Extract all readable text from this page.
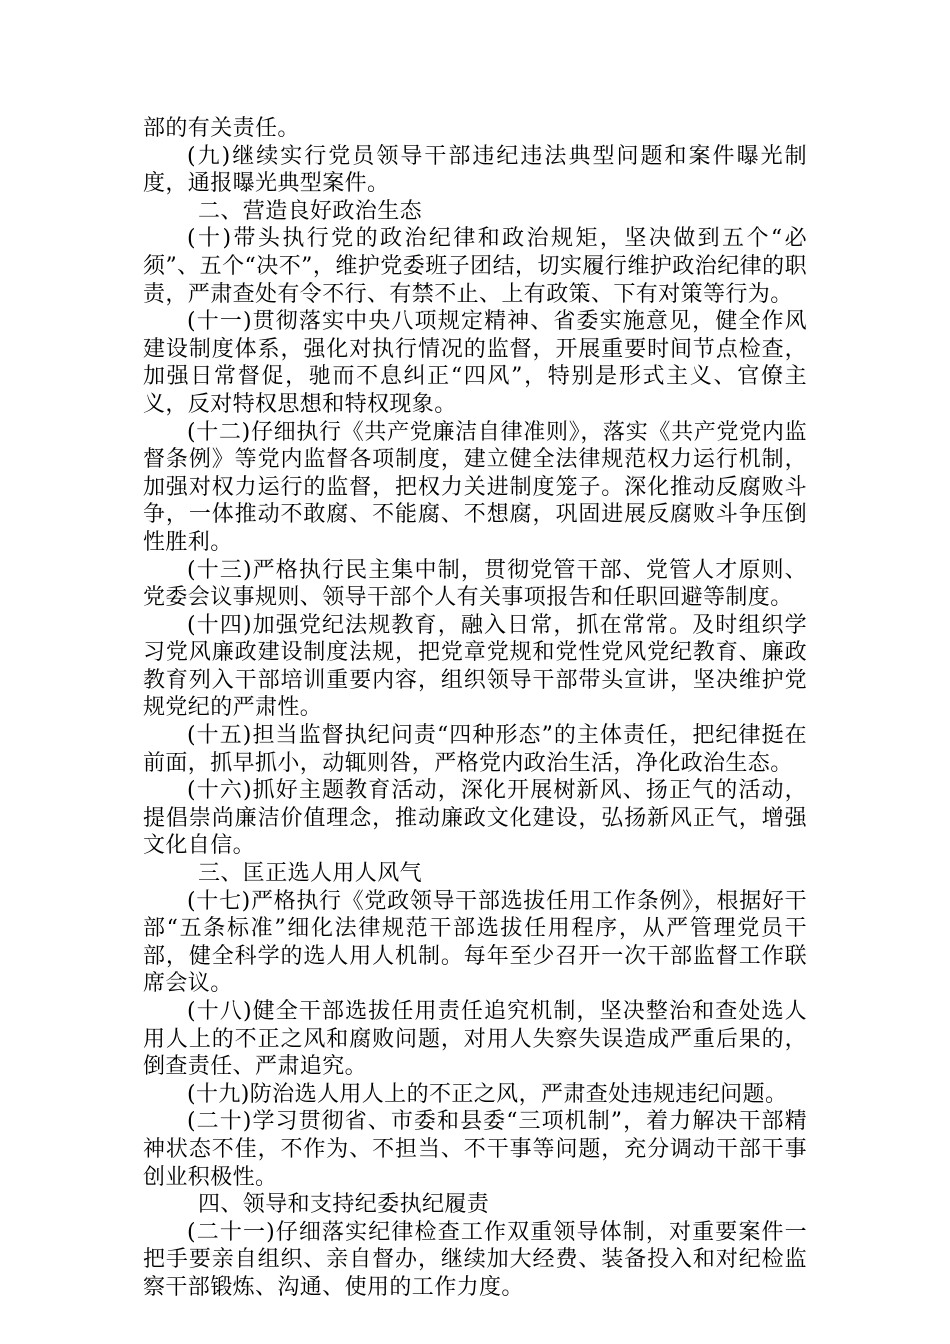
部的有关责任。

(九)继续实行党员领导干部违纪违法典型问题和案件曝光制度，通报曝光典型案件。

二、营造良好政治生态

(十)带头执行党的政治纪律和政治规矩，坚决做到五个“必须”、五个“决不”，维护党委班子团结，切实履行维护政治纪律的职责，严肃查处有令不行、有禁不止、上有政策、下有对策等行为。

(十一)贯彻落实中央八项规定精神、省委实施意见，健全作风建设制度体系，强化对执行情况的监督，开展重要时间节点检查，加强日常督促，驰而不息纠正“四风”，特别是形式主义、官僚主义，反对特权思想和特权现象。

(十二)仔细执行《共产党廉洁自律准则》，落实《共产党党内监督条例》等党内监督各项制度，建立健全法律规范权力运行机制，加强对权力运行的监督，把权力关进制度笼子。深化推动反腐败斗争，一体推动不敢腐、不能腐、不想腐，巩固进展反腐败斗争压倒性胜利。

(十三)严格执行民主集中制，贯彻党管干部、党管人才原则、党委会议事规则、领导干部个人有关事项报告和任职回避等制度。

(十四)加强党纪法规教育，融入日常，抓在常常。及时组织学习党风廉政建设制度法规，把党章党规和党性党风党纪教育、廉政教育列入干部培训重要内容，组织领导干部带头宣讲，坚决维护党规党纪的严肃性。

(十五)担当监督执纪问责“四种形态”的主体责任，把纪律挺在前面，抓早抓小，动辄则咎，严格党内政治生活，净化政治生态。

(十六)抓好主题教育活动，深化开展树新风、扬正气的活动，提倡崇尚廉洁价值理念，推动廉政文化建设，弘扬新风正气，增强文化自信。

三、匡正选人用人风气

(十七)严格执行《党政领导干部选拔任用工作条例》，根据好干部“五条标准”细化法律规范干部选拔任用程序，从严管理党员干部，健全科学的选人用人机制。每年至少召开一次干部监督工作联席会议。

(十八)健全干部选拔任用责任追究机制，坚决整治和查处选人用人上的不正之风和腐败问题，对用人失察失误造成严重后果的，倒查责任、严肃追究。

(十九)防治选人用人上的不正之风，严肃查处违规违纪问题。

(二十)学习贯彻省、市委和县委“三项机制”，着力解决干部精神状态不佳，不作为、不担当、不干事等问题，充分调动干部干事创业积极性。

四、领导和支持纪委执纪履责

(二十一)仔细落实纪律检查工作双重领导体制，对重要案件一把手要亲自组织、亲自督办，继续加大经费、装备投入和对纪检监察干部锻炼、沟通、使用的工作力度。
